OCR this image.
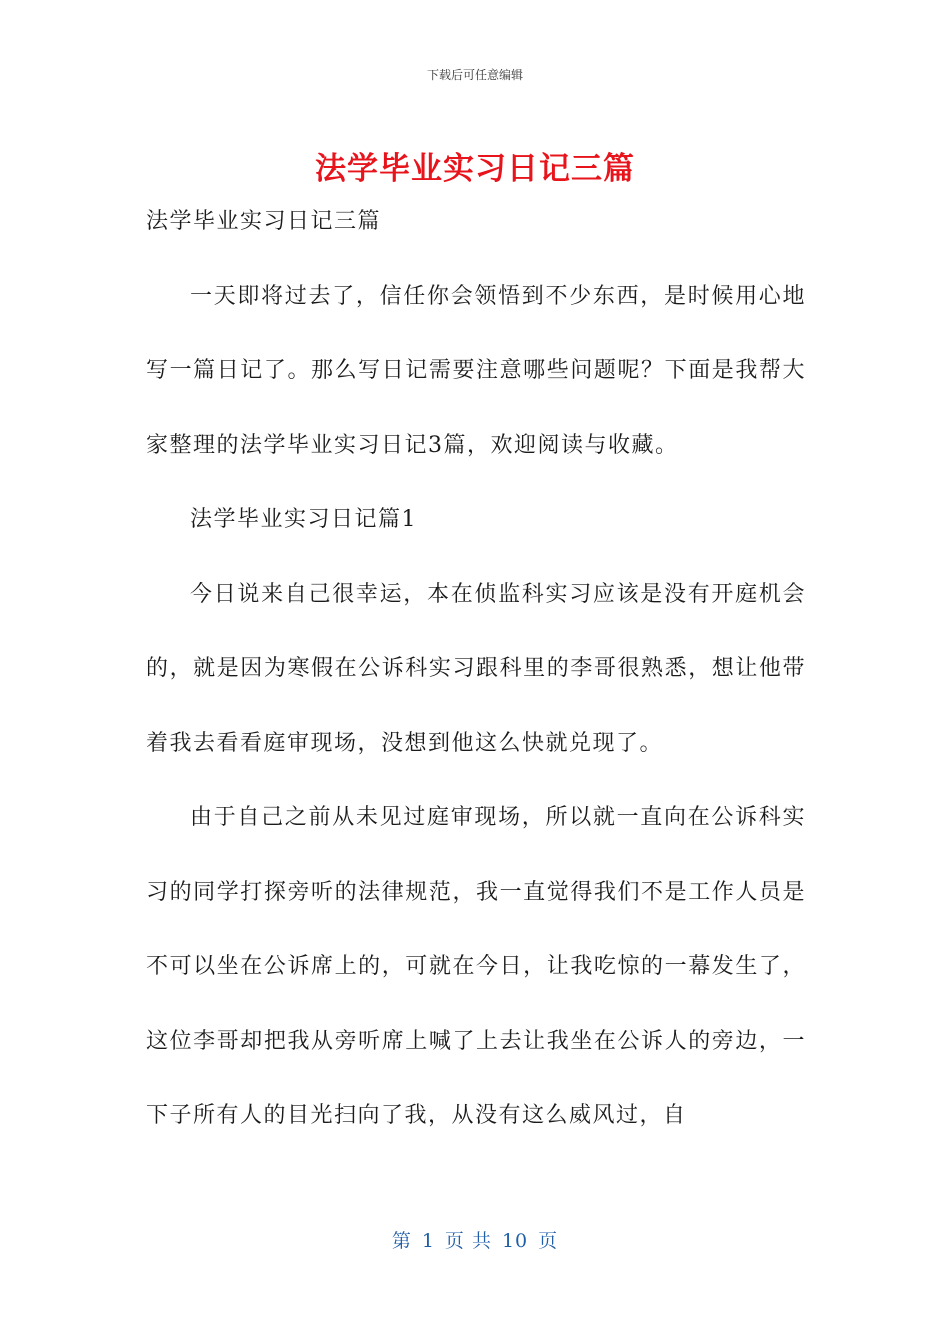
下载后可任意编辑
法学毕业实习日记三篇

法学毕业实习日记三篇

一天即将过去了，信任你会领悟到不少东西，是时候用心地写一篇日记了。那么写日记需要注意哪些问题呢？下面是我帮大家整理的法学毕业实习日记3篇，欢迎阅读与收藏。

法学毕业实习日记篇1

今日说来自己很幸运，本在侦监科实习应该是没有开庭机会的，就是因为寒假在公诉科实习跟科里的李哥很熟悉，想让他带着我去看看庭审现场，没想到他这么快就兑现了。

由于自己之前从未见过庭审现场，所以就一直向在公诉科实习的同学打探旁听的法律规范，我一直觉得我们不是工作人员是不可以坐在公诉席上的，可就在今日，让我吃惊的一幕发生了，这位李哥却把我从旁听席上喊了上去让我坐在公诉人的旁边，一下子所有人的目光扫向了我，从没有这么威风过，自

第 1 页 共 10 页
